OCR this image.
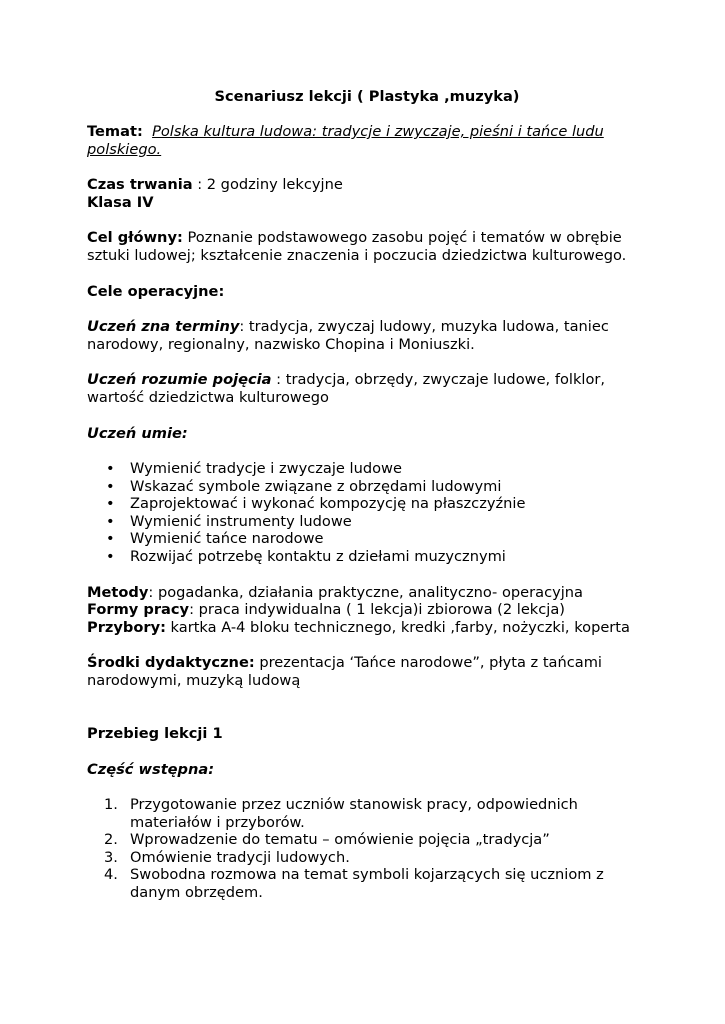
Scenariusz lekcji ( Plastyka ,muzyka)
Temat: Polska kultura ludowa: tradycje i zwyczaje, pieśni i tańce ludu polskiego.
Czas trwania : 2 godziny lekcyjne
Klasa IV
Cel główny: Poznanie podstawowego zasobu pojęć i tematów w obrębie sztuki ludowej; kształcenie znaczenia i poczucia dziedzictwa kulturowego.
Cele operacyjne:
Uczeń zna terminy: tradycja, zwyczaj ludowy, muzyka ludowa, taniec narodowy, regionalny, nazwisko Chopina i Moniuszki.
Uczeń rozumie pojęcia : tradycja, obrzędy, zwyczaje ludowe, folklor, wartość dziedzictwa kulturowego
Uczeń umie:
• Wymienić tradycje i zwyczaje ludowe
• Wskazać symbole związane z obrzędami ludowymi
• Zaprojektować i wykonać kompozycję na płaszczyźnie
• Wymienić instrumenty ludowe
• Wymienić tańce narodowe
• Rozwijać potrzebę kontaktu z dziełami muzycznymi
Metody: pogadanka, działania praktyczne, analityczno- operacyjna
Formy pracy: praca indywidualna ( 1 lekcja)i zbiorowa (2 lekcja)
Przybory: kartka A-4 bloku technicznego, kredki ,farby, nożyczki, koperta
Środki dydaktyczne: prezentacja ‘Tańce narodowe”, płyta z tańcami narodowymi, muzyką ludową
Przebieg lekcji 1
Część wstępna:
1. Przygotowanie przez uczniów stanowisk pracy, odpowiednich materiałów i przyborów.
2. Wprowadzenie do tematu – omówienie pojęcia „tradycja”
3. Omówienie tradycji ludowych.
4. Swobodna rozmowa na temat symboli kojarzących się uczniom z danym obrzędem.
